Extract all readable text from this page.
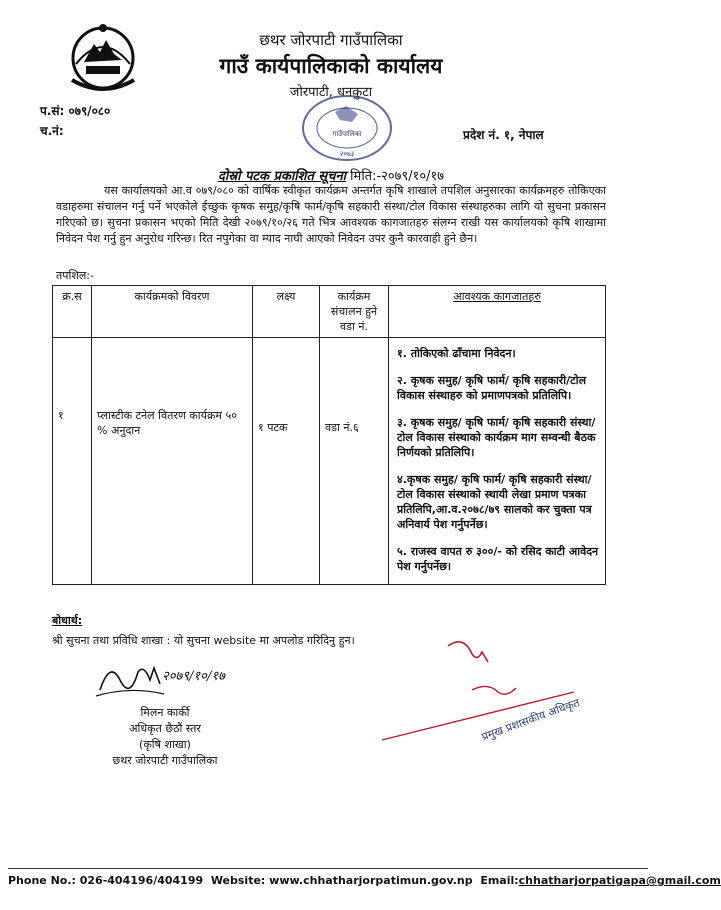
छथर जोरपाटी गाउँपालिका
गाउँ कार्यपालिकाको कार्यालय
जोरपाटी, धनकुटा
प.सं: ०७९/०८०
च.नं:	प्रदेश नं. १, नेपाल
गाउँपालिका
२०७३
दोस्रो पटक प्रकाशित सूचना मिति:-२०७९/१०/१७
यस कार्यालयको आ.व ०७९/०८० को वार्षिक स्वीकृत कार्यक्रम अन्तर्गत कृषि शाखाले तपशिल अनुसारका कार्यक्रमहरु तोकिएका वडाहरुमा संचालन गर्नु पर्ने भएकोले ईच्छुक कृषक समुह/कृषि फार्म/कृषि सहकारी संस्था/टोल विकास संस्थाहरुका लागि यो सुचना प्रकासन गरिएको छ। सुचना प्रकासन भएको मिति देखी २०७९/१०/२६ गते भित्र आवश्यक कागजातहरु संलग्न राखी यस कार्यालयको कृषि शाखामा निवेदन पेश गर्नु हुन अनुरोध गरिन्छ। रित नपुगेका वा म्याद नाघी आएको निवेदन उपर कुनै कारवाही हुने छैन।
तपशिल:-
क्र.स	कार्यक्रमको विवरण	लक्ष्य	कार्यक्रम संचालन हुने वडा नं.	आवश्यक कागजातहरु
१	प्लास्टीक टनेल वितरण कार्यक्रम ५० % अनुदान	१ पटक	वडा नं.६	१. तोकिएको ढाँचामा निवेदन।

२. कृषक समुह/ कृषि फार्म/ कृषि सहकारी/टोल विकास संस्थाहरु को प्रमाणपत्रको प्रतिलिपि।

३. कृषक समुह/ कृषि फार्म/ कृषि सहकारी संस्था/टोल विकास संस्थाको कार्यक्रम माग सम्वन्धी बैठक निर्णयको प्रतिलिपि।

४.कृषक समुह/ कृषि फार्म/ कृषि सहकारी संस्था/टोल विकास संस्थाको स्थायी लेखा प्रमाण पत्रका प्रतिलिपि,आ.व.२०७८/७९ सालको कर चुक्ता पत्र अनिवार्य पेश गर्नुपर्नेछ।

५. राजस्व वापत रु ३००/- को रसिद काटी आवेदन पेश गर्नुपर्नेछ।

बोधार्थ:
श्री सुचना तथा प्रविधि शाखा : यो सुचना website मा अपलोड गरिदिनु हुन।
२०७९/१०/१७
मिलन कार्की
अधिकृत छैठौं स्तर
(कृषि शाखा)
छथर जोरपाटी गाउँपालिका
प्रमुख प्रशासकीय अधिकृत
Phone No.: 026-404196/404199 Website: www.chhatharjorpatimun.gov.np Email:chhatharjorpatigapa@gmail.com
